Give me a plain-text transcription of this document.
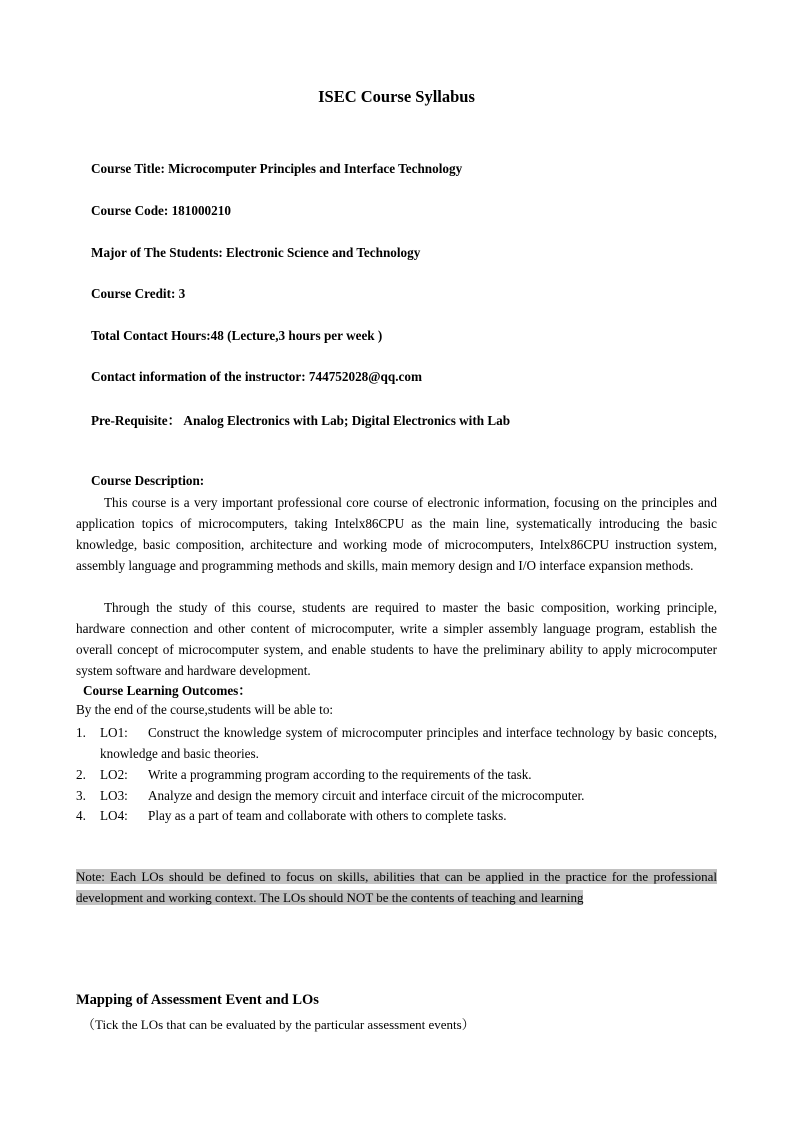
ISEC Course Syllabus
Course Title: Microcomputer Principles and Interface Technology
Course Code: 181000210
Major of The Students: Electronic Science and Technology
Course Credit: 3
Total Contact Hours:48 (Lecture,3 hours per week )
Contact information of the instructor: 744752028@qq.com
Pre-Requisite： Analog Electronics with Lab; Digital Electronics with Lab
Course Description:

This course is a very important professional core course of electronic information, focusing on the principles and application topics of microcomputers, taking Intelx86CPU as the main line, systematically introducing the basic knowledge, basic composition, architecture and working mode of microcomputers, Intelx86CPU instruction system, assembly language and programming methods and skills, main memory design and I/O interface expansion methods.

Through the study of this course, students are required to master the basic composition, working principle, hardware connection and other content of microcomputer, write a simpler assembly language program, establish the overall concept of microcomputer system, and enable students to have the preliminary ability to apply microcomputer system software and hardware development.

Course Learning Outcomes：
By the end of the course,students will be able to:
1. LO1:	Construct the knowledge system of microcomputer principles and interface technology by basic concepts, knowledge and basic theories.
2. LO2:	Write a programming program according to the requirements of the task.
3. LO3:	Analyze and design the memory circuit and interface circuit of the microcomputer.
4. LO4:	Play as a part of team and collaborate with others to complete tasks.

Note: Each LOs should be defined to focus on skills, abilities that can be applied in the practice for the professional development and working context. The LOs should NOT be the contents of teaching and learning

Mapping of Assessment Event and LOs
（Tick the LOs that can be evaluated by the particular assessment events）
